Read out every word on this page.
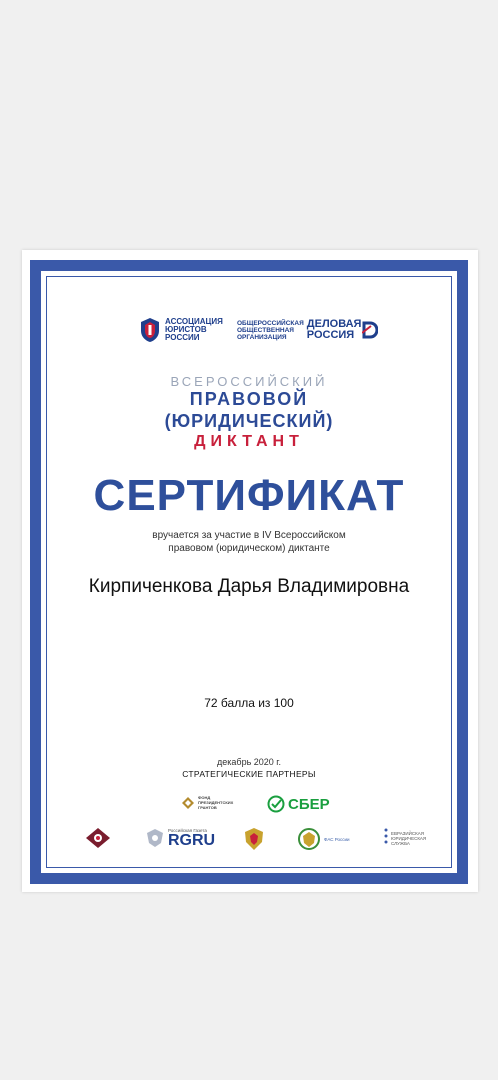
АССОЦИАЦИЯ
ЮРИСТОВ
РОССИИ
ОБЩЕРОССИЙСКАЯ
ОБЩЕСТВЕННАЯ
ОРГАНИЗАЦИЯ
ДЕЛОВАЯ
РОССИЯ
ВСЕРОССИЙСКИЙ
ПРАВОВОЙ
(ЮРИДИЧЕСКИЙ)
ДИКТАНТ
СЕРТИФИКАТ
вручается за участие в IV Всероссийском
правовом (юридическом) диктанте
Кирпиченкова Дарья Владимировна
72 балла из 100
декабрь 2020 г.
СТРАТЕГИЧЕСКИЕ ПАРТНЕРЫ
ФОНД
ПРЕЗИДЕНТСКИХ
ГРАНТОВ	СБЕР
Российская Газета
RGRU	ФАС России
ЕВРАЗИЙСКАЯ
ЮРИДИЧЕСКАЯ
СЛУЖБА
